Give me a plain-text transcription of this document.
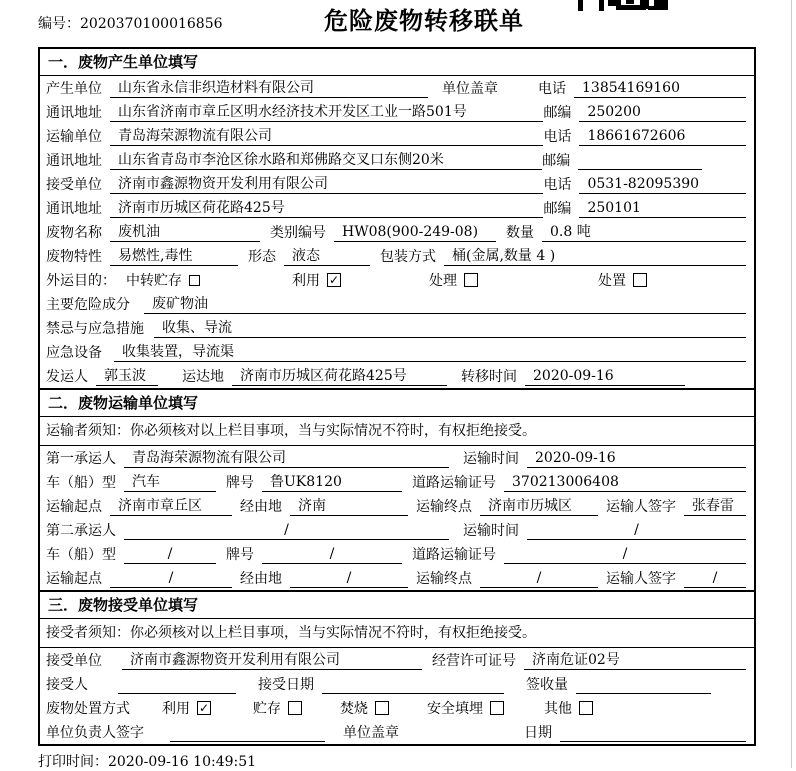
编号：2020370100016856	危险废物转移联单
一．废物产生单位填写
产生单位	山东省永信非织造材料有限公司	单位盖章	电话	13854169160
通讯地址	山东省济南市章丘区明水经济技术开发区工业一路501号	邮编	250200
运输单位	青岛海荣源物流有限公司	电话	18661672606
通讯地址	山东省青岛市李沧区徐水路和郑佛路交叉口东侧20米	邮编
接受单位	济南市鑫源物资开发利用有限公司	电话	0531-82095390
通讯地址	济南市历城区荷花路425号	邮编	250101
废物名称	废机油	类别编号	HW08(900-249-08)	数量	0.8 吨
废物特性	易燃性,毒性	形态	液态	包装方式	桶(金属,数量 4 )
外运目的： 中转贮存	利用 ✓	处理	处置
主要危险成分	废矿物油
禁忌与应急措施	收集、导流
应急设备	收集装置，导流渠
发运人	郭玉波	运达地	济南市历城区荷花路425号	转移时间	2020-09-16
二．废物运输单位填写
运输者须知：你必须核对以上栏目事项，当与实际情况不符时，有权拒绝接受。
第一承运人	青岛海荣源物流有限公司	运输时间	2020-09-16
车（船）型	汽车	牌号	鲁UK8120	道路运输证号	370213006408
运输起点	济南市章丘区	经由地	济南	运输终点	济南市历城区	运输人签字	张春雷
第二承运人	/	运输时间	/
车（船）型	/	牌号	/	道路运输证号	/
运输起点	/	经由地	/	运输终点	/	运输人签字	/
三．废物接受单位填写
接受者须知：你必须核对以上栏目事项，当与实际情况不符时，有权拒绝接受。
接受单位	济南市鑫源物资开发利用有限公司	经营许可证号	济南危证02号
接受人	接受日期	签收量
废物处置方式 利用 ✓	贮存	焚烧	安全填埋	其他
单位负责人签字	单位盖章	日期
打印时间：2020-09-16 10:49:51
